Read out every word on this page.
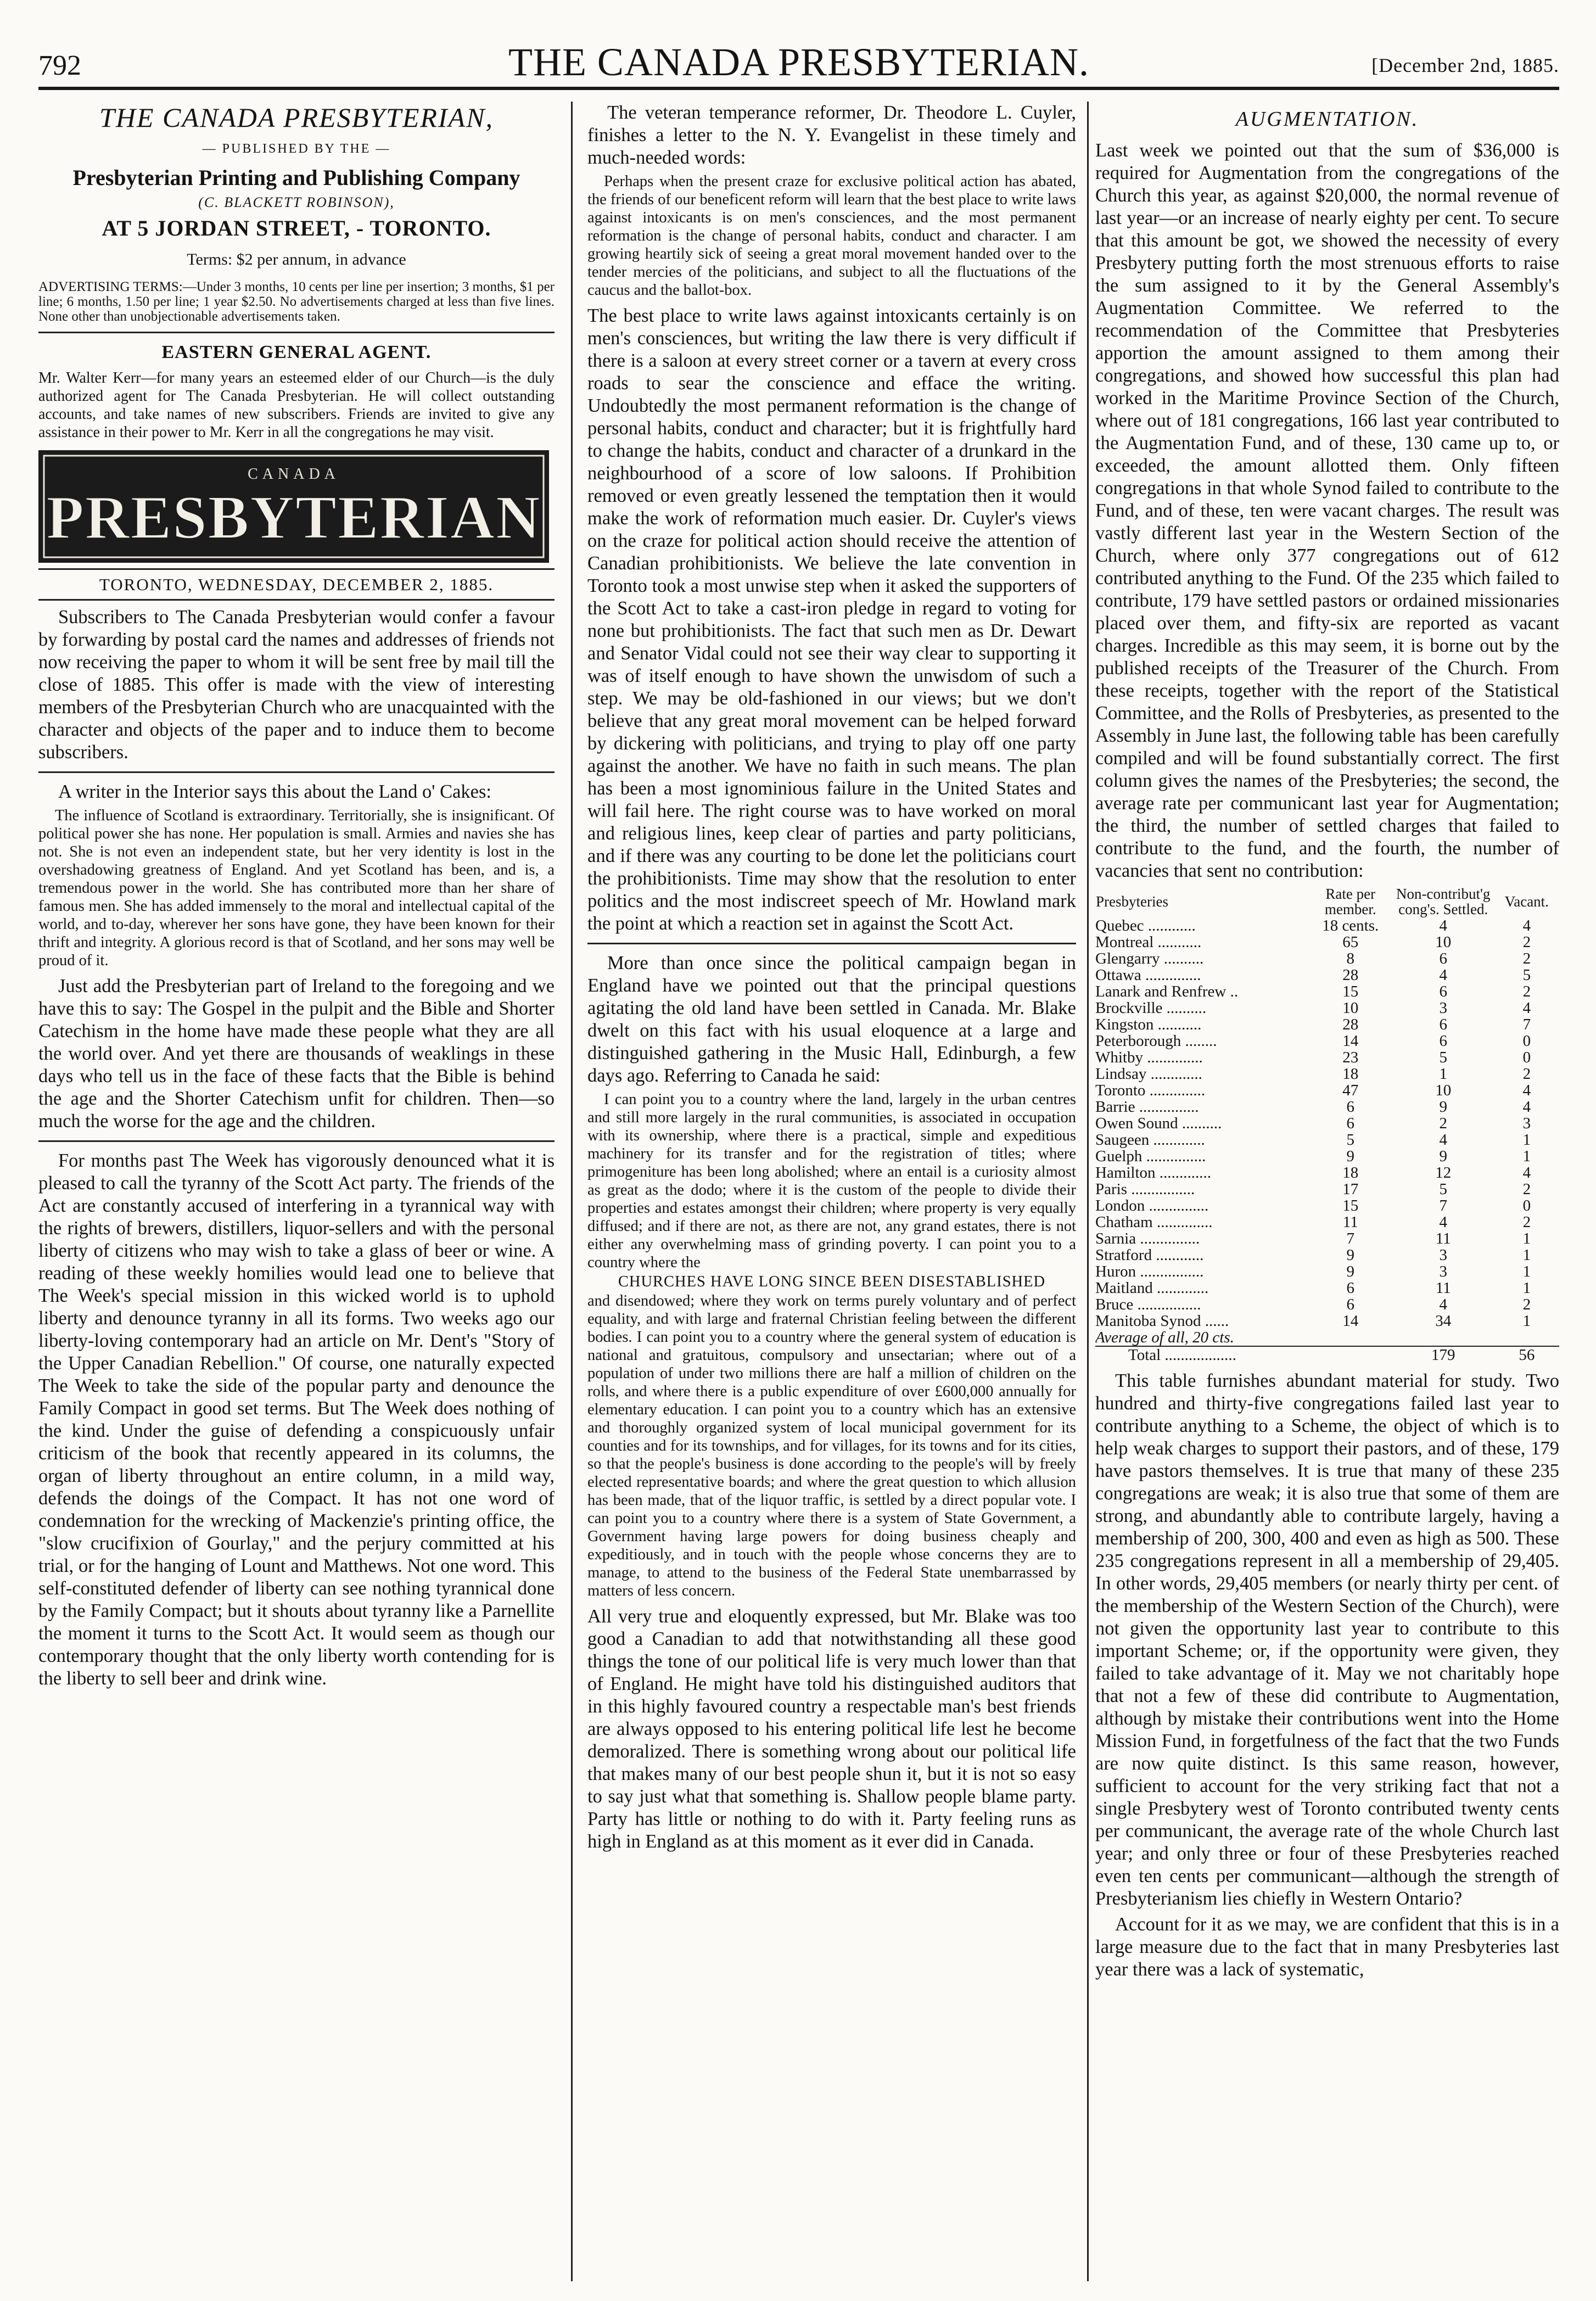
792	THE CANADA PRESBYTERIAN.	[December 2nd, 1885.
THE CANADA PRESBYTERIAN,
— PUBLISHED BY THE —
Presbyterian Printing and Publishing Company
(C. BLACKETT ROBINSON),
AT 5 JORDAN STREET, - TORONTO.
Terms: $2 per annum, in advance
ADVERTISING TERMS:—Under 3 months, 10 cents per line per insertion; 3 months, $1 per line; 6 months, 1.50 per line; 1 year $2.50. No advertisements charged at less than five lines. None other than unobjectionable advertisements taken.
EASTERN GENERAL AGENT.
Mr. Walter Kerr—for many years an esteemed elder of our Church—is the duly authorized agent for The Canada Presbyterian. He will collect outstanding accounts, and take names of new subscribers. Friends are invited to give any assistance in their power to Mr. Kerr in all the congregations he may visit.
CANADA
PRESBYTERIAN
TORONTO, WEDNESDAY, DECEMBER 2, 1885.

Subscribers to The Canada Presbyterian would confer a favour by forwarding by postal card the names and addresses of friends not now receiving the paper to whom it will be sent free by mail till the close of 1885. This offer is made with the view of interesting members of the Presbyterian Church who are unacquainted with the character and objects of the paper and to induce them to become subscribers.

A writer in the Interior says this about the Land o' Cakes:

The influence of Scotland is extraordinary. Territorially, she is insignificant. Of political power she has none. Her population is small. Armies and navies she has not. She is not even an independent state, but her very identity is lost in the overshadowing greatness of England. And yet Scotland has been, and is, a tremendous power in the world. She has contributed more than her share of famous men. She has added immensely to the moral and intellectual capital of the world, and to-day, wherever her sons have gone, they have been known for their thrift and integrity. A glorious record is that of Scotland, and her sons may well be proud of it.

Just add the Presbyterian part of Ireland to the foregoing and we have this to say: The Gospel in the pulpit and the Bible and Shorter Catechism in the home have made these people what they are all the world over. And yet there are thousands of weaklings in these days who tell us in the face of these facts that the Bible is behind the age and the Shorter Catechism unfit for children. Then—so much the worse for the age and the children.

For months past The Week has vigorously denounced what it is pleased to call the tyranny of the Scott Act party. The friends of the Act are constantly accused of interfering in a tyrannical way with the rights of brewers, distillers, liquor-sellers and with the personal liberty of citizens who may wish to take a glass of beer or wine. A reading of these weekly homilies would lead one to believe that The Week's special mission in this wicked world is to uphold liberty and denounce tyranny in all its forms. Two weeks ago our liberty-loving contemporary had an article on Mr. Dent's "Story of the Upper Canadian Rebellion." Of course, one naturally expected The Week to take the side of the popular party and denounce the Family Compact in good set terms. But The Week does nothing of the kind. Under the guise of defending a conspicuously unfair criticism of the book that recently appeared in its columns, the organ of liberty throughout an entire column, in a mild way, defends the doings of the Compact. It has not one word of condemnation for the wrecking of Mackenzie's printing office, the "slow crucifixion of Gourlay," and the perjury committed at his trial, or for the hanging of Lount and Matthews. Not one word. This self-constituted defender of liberty can see nothing tyrannical done by the Family Compact; but it shouts about tyranny like a Parnellite the moment it turns to the Scott Act. It would seem as though our contemporary thought that the only liberty worth contending for is the liberty to sell beer and drink wine.

The veteran temperance reformer, Dr. Theodore L. Cuyler, finishes a letter to the N. Y. Evangelist in these timely and much-needed words:

Perhaps when the present craze for exclusive political action has abated, the friends of our beneficent reform will learn that the best place to write laws against intoxicants is on men's consciences, and the most permanent reformation is the change of personal habits, conduct and character. I am growing heartily sick of seeing a great moral movement handed over to the tender mercies of the politicians, and subject to all the fluctuations of the caucus and the ballot-box.

The best place to write laws against intoxicants certainly is on men's consciences, but writing the law there is very difficult if there is a saloon at every street corner or a tavern at every cross roads to sear the conscience and efface the writing. Undoubtedly the most permanent reformation is the change of personal habits, conduct and character; but it is frightfully hard to change the habits, conduct and character of a drunkard in the neighbourhood of a score of low saloons. If Prohibition removed or even greatly lessened the temptation then it would make the work of reformation much easier. Dr. Cuyler's views on the craze for political action should receive the attention of Canadian prohibitionists. We believe the late convention in Toronto took a most unwise step when it asked the supporters of the Scott Act to take a cast-iron pledge in regard to voting for none but prohibitionists. The fact that such men as Dr. Dewart and Senator Vidal could not see their way clear to supporting it was of itself enough to have shown the unwisdom of such a step. We may be old-fashioned in our views; but we don't believe that any great moral movement can be helped forward by dickering with politicians, and trying to play off one party against the another. We have no faith in such means. The plan has been a most ignominious failure in the United States and will fail here. The right course was to have worked on moral and religious lines, keep clear of parties and party politicians, and if there was any courting to be done let the politicians court the prohibitionists. Time may show that the resolution to enter politics and the most indiscreet speech of Mr. Howland mark the point at which a reaction set in against the Scott Act.

More than once since the political campaign began in England have we pointed out that the principal questions agitating the old land have been settled in Canada. Mr. Blake dwelt on this fact with his usual eloquence at a large and distinguished gathering in the Music Hall, Edinburgh, a few days ago. Referring to Canada he said:

I can point you to a country where the land, largely in the urban centres and still more largely in the rural communities, is associated in occupation with its ownership, where there is a practical, simple and expeditious machinery for its transfer and for the registration of titles; where primogeniture has been long abolished; where an entail is a curiosity almost as great as the dodo; where it is the custom of the people to divide their properties and estates amongst their children; where property is very equally diffused; and if there are not, as there are not, any grand estates, there is not either any overwhelming mass of grinding poverty. I can point you to a country where the

CHURCHES HAVE LONG SINCE BEEN DISESTABLISHED

and disendowed; where they work on terms purely voluntary and of perfect equality, and with large and fraternal Christian feeling between the different bodies. I can point you to a country where the general system of education is national and gratuitous, compulsory and unsectarian; where out of a population of under two millions there are half a million of children on the rolls, and where there is a public expenditure of over £600,000 annually for elementary education. I can point you to a country which has an extensive and thoroughly organized system of local municipal government for its counties and for its townships, and for villages, for its towns and for its cities, so that the people's business is done according to the people's will by freely elected representative boards; and where the great question to which allusion has been made, that of the liquor traffic, is settled by a direct popular vote. I can point you to a country where there is a system of State Government, a Government having large powers for doing business cheaply and expeditiously, and in touch with the people whose concerns they are to manage, to attend to the business of the Federal State unembarrassed by matters of less concern.

All very true and eloquently expressed, but Mr. Blake was too good a Canadian to add that notwithstanding all these good things the tone of our political life is very much lower than that of England. He might have told his distinguished auditors that in this highly favoured country a respectable man's best friends are always opposed to his entering political life lest he become demoralized. There is something wrong about our political life that makes many of our best people shun it, but it is not so easy to say just what that something is. Shallow people blame party. Party has little or nothing to do with it. Party feeling runs as high in England as at this moment as it ever did in Canada.

AUGMENTATION.

Last week we pointed out that the sum of $36,000 is required for Augmentation from the congregations of the Church this year, as against $20,000, the normal revenue of last year—or an increase of nearly eighty per cent. To secure that this amount be got, we showed the necessity of every Presbytery putting forth the most strenuous efforts to raise the sum assigned to it by the General Assembly's Augmentation Committee. We referred to the recommendation of the Committee that Presbyteries apportion the amount assigned to them among their congregations, and showed how successful this plan had worked in the Maritime Province Section of the Church, where out of 181 congregations, 166 last year contributed to the Augmentation Fund, and of these, 130 came up to, or exceeded, the amount allotted them. Only fifteen congregations in that whole Synod failed to contribute to the Fund, and of these, ten were vacant charges. The result was vastly different last year in the Western Section of the Church, where only 377 congregations out of 612 contributed anything to the Fund. Of the 235 which failed to contribute, 179 have settled pastors or ordained missionaries placed over them, and fifty-six are reported as vacant charges. Incredible as this may seem, it is borne out by the published receipts of the Treasurer of the Church. From these receipts, together with the report of the Statistical Committee, and the Rolls of Presbyteries, as presented to the Assembly in June last, the following table has been carefully compiled and will be found substantially correct. The first column gives the names of the Presbyteries; the second, the average rate per communicant last year for Augmentation; the third, the number of settled charges that failed to contribute to the fund, and the fourth, the number of vacancies that sent no contribution:

Presbyteries	Rate per member.	Non-contribut'g cong's. Settled.	Vacant.
Quebec ............	18 cents.	4	4
Montreal ...........	65	10	2
Glengarry ..........	8	6	2
Ottawa ..............	28	4	5
Lanark and Renfrew ..	15	6	2
Brockville ..........	10	3	4
Kingston ...........	28	6	7
Peterborough ........	14	6	0
Whitby ..............	23	5	0
Lindsay .............	18	1	2
Toronto ..............	47	10	4
Barrie ...............	6	9	4
Owen Sound ..........	6	2	3
Saugeen .............	5	4	1
Guelph ...............	9	9	1
Hamilton .............	18	12	4
Paris ................	17	5	2
London ...............	15	7	0
Chatham ..............	11	4	2
Sarnia ...............	7	11	1
Stratford ............	9	3	1
Huron ................	9	3	1
Maitland .............	6	11	1
Bruce ................	6	4	2
Manitoba Synod ......	14	34	1
Average of all, 20 cts.			
Total ..................		179	56

This table furnishes abundant material for study. Two hundred and thirty-five congregations failed last year to contribute anything to a Scheme, the object of which is to help weak charges to support their pastors, and of these, 179 have pastors themselves. It is true that many of these 235 congregations are weak; it is also true that some of them are strong, and abundantly able to contribute largely, having a membership of 200, 300, 400 and even as high as 500. These 235 congregations represent in all a membership of 29,405. In other words, 29,405 members (or nearly thirty per cent. of the membership of the Western Section of the Church), were not given the opportunity last year to contribute to this important Scheme; or, if the opportunity were given, they failed to take advantage of it. May we not charitably hope that not a few of these did contribute to Augmentation, although by mistake their contributions went into the Home Mission Fund, in forgetfulness of the fact that the two Funds are now quite distinct. Is this same reason, however, sufficient to account for the very striking fact that not a single Presbytery west of Toronto contributed twenty cents per communicant, the average rate of the whole Church last year; and only three or four of these Presbyteries reached even ten cents per communicant—although the strength of Presbyterianism lies chiefly in Western Ontario?

Account for it as we may, we are confident that this is in a large measure due to the fact that in many Presbyteries last year there was a lack of systematic,
